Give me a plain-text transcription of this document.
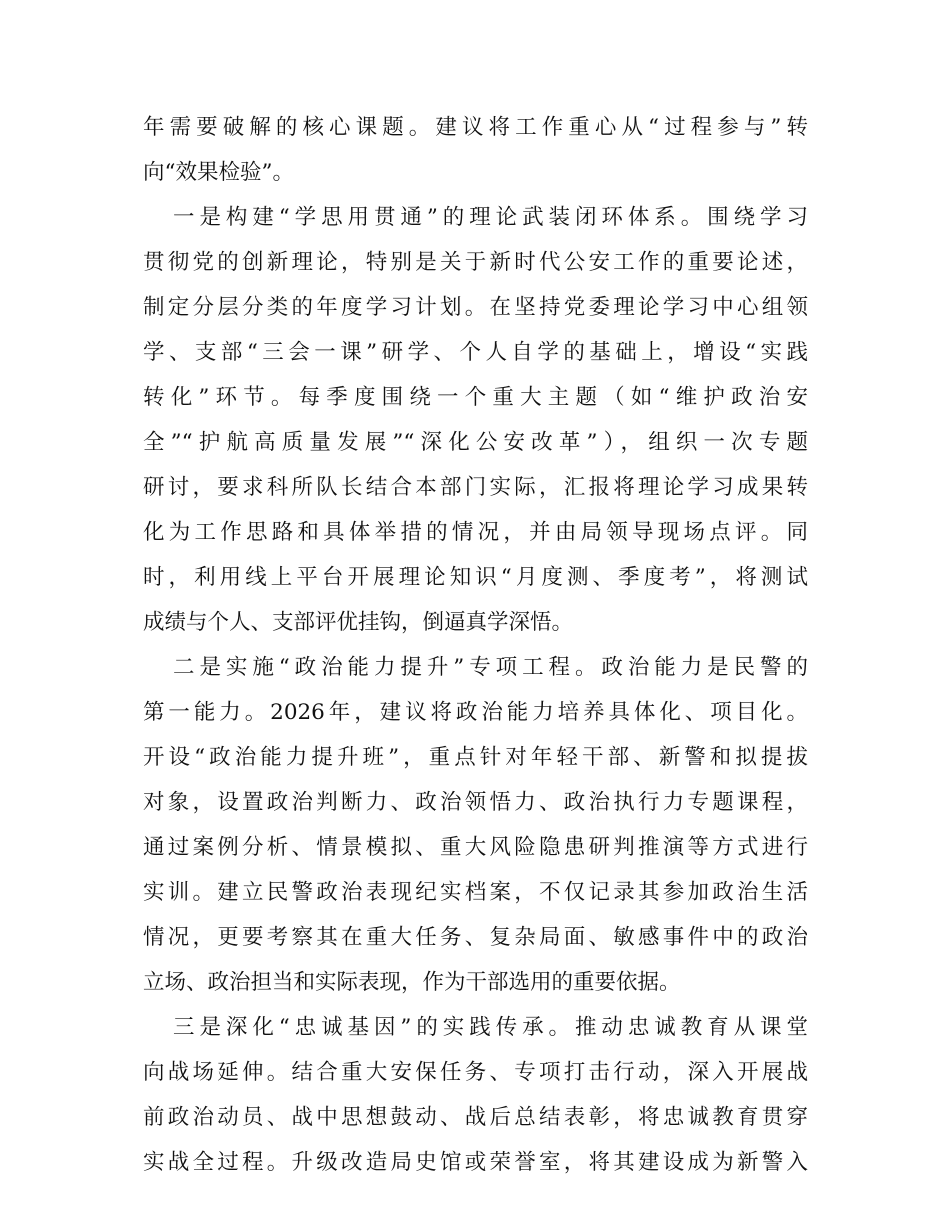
年需要破解的核心课题。建议将工作重心从“过程参与”转
向“效果检验”。
一是构建“学思用贯通”的理论武装闭环体系。围绕学习
贯彻党的创新理论，特别是关于新时代公安工作的重要论述，
制定分层分类的年度学习计划。在坚持党委理论学习中心组领
学、支部“三会一课”研学、个人自学的基础上，增设“实践
转化”环节。每季度围绕一个重大主题（如“维护政治安
全”“护航高质量发展”“深化公安改革”），组织一次专题
研讨，要求科所队长结合本部门实际，汇报将理论学习成果转
化为工作思路和具体举措的情况，并由局领导现场点评。同
时，利用线上平台开展理论知识“月度测、季度考”，将测试
成绩与个人、支部评优挂钩，倒逼真学深悟。
二是实施“政治能力提升”专项工程。政治能力是民警的
第一能力。2026年，建议将政治能力培养具体化、项目化。
开设“政治能力提升班”，重点针对年轻干部、新警和拟提拔
对象，设置政治判断力、政治领悟力、政治执行力专题课程，
通过案例分析、情景模拟、重大风险隐患研判推演等方式进行
实训。建立民警政治表现纪实档案，不仅记录其参加政治生活
情况，更要考察其在重大任务、复杂局面、敏感事件中的政治
立场、政治担当和实际表现，作为干部选用的重要依据。
三是深化“忠诚基因”的实践传承。推动忠诚教育从课堂
向战场延伸。结合重大安保任务、专项打击行动，深入开展战
前政治动员、战中思想鼓动、战后总结表彰，将忠诚教育贯穿
实战全过程。升级改造局史馆或荣誉室，将其建设成为新警入
